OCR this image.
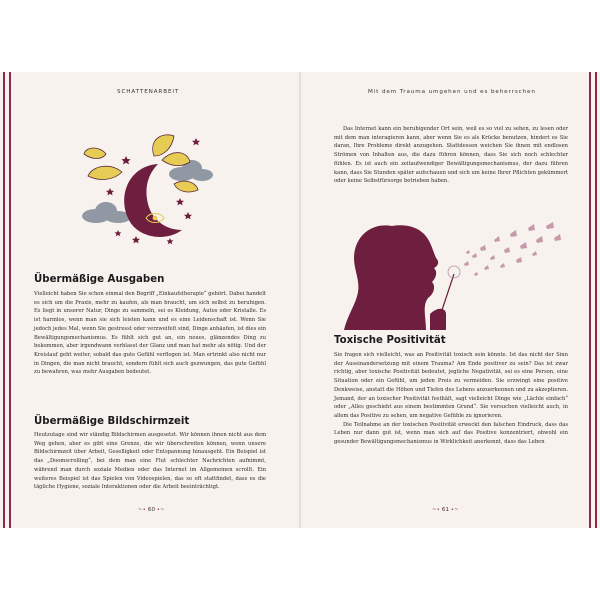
SCHATTENARBEIT
Übermäßige Ausgaben

Vielleicht haben Sie schon einmal den Begriff „Einkaufstherapie“ gehört. Dabei handelt es sich um die Praxis, mehr zu kaufen, als man braucht, um sich selbst zu beruhigen. Es liegt in unserer Natur, Dinge zu sammeln, sei es Kleidung, Autos oder Kristalle. Es ist harmlos, wenn man sie sich leisten kann und es eine Leidenschaft ist. Wenn Sie jedoch jedes Mal, wenn Sie gestresst oder verzweifelt sind, Dinge anhäufen, ist dies ein Bewältigungsmechanismus. Es fühlt sich gut an, ein neues, glänzendes Ding zu bekommen, aber irgendwann verblasst der Glanz und man hat mehr als nötig. Und der Kreislauf geht weiter, sobald das gute Gefühl verflogen ist. Man ertrinkt also nicht nur in Dingen, die man nicht braucht, sondern fühlt sich auch gezwungen, das gute Gefühl zu bewahren, was mehr Ausgaben bedeutet.

Übermäßige Bildschirmzeit

Heutzutage sind wir ständig Bildschirmen ausgesetzt. Wir können ihnen nicht aus dem Weg gehen, aber es gibt eine Grenze, die wir überschreiten können, wenn unsere Bildschirmzeit über Arbeit, Geselligkeit oder Entspannung hinausgeht. Ein Beispiel ist das „Doomscrolling“, bei dem man eine Flut schlechter Nachrichten aufnimmt, während man durch soziale Medien oder das Internet im Allgemeinen scrollt. Ein weiteres Beispiel ist das Spielen von Videospielen, das so oft stattfindet, dass es die tägliche Hygiene, soziale Interaktionen oder die Arbeit beeinträchtigt.

~• 60 •~
Mit dem Trauma umgehen und es beherrschen

Das Internet kann ein beruhigender Ort sein, weil es so viel zu sehen, zu lesen oder mit dem man interagieren kann, aber wenn Sie es als Krücke benutzen, hindert es Sie daran, Ihre Probleme direkt anzugehen. Stattdessen weichen Sie ihnen mit endlosen Strömen von Inhalten aus, die dazu führen können, dass Sie sich noch schlechter fühlen. Es ist auch ein zeitaufwendiger Bewältigungsmechanismus, der dazu führen kann, dass Sie Stunden später aufschauen und sich um keine Ihrer Pflichten gekümmert oder keine Selbstfürsorge betrieben haben.

Toxische Positivität

Sie fragen sich vielleicht, was an Positivität toxisch sein könnte. Ist das nicht der Sinn der Auseinandersetzung mit einem Trauma? Am Ende positiver zu sein? Das ist zwar richtig, aber toxische Positivität bedeutet, jegliche Negativität, sei es eine Person, eine Situation oder ein Gefühl, um jeden Preis zu vermeiden. Sie erzwingt eine positive Denkweise, anstatt die Höhen und Tiefen des Lebens anzuerkennen und zu akzeptieren. Jemand, der an toxischer Positivität festhält, sagt vielleicht Dinge wie „Lächle einfach“ oder „Alles geschieht aus einem bestimmten Grund“. Sie versuchen vielleicht auch, in allem das Positive zu sehen, um negative Gefühle zu ignorieren.

Die Teilnahme an der toxischen Positivität erweckt den falschen Eindruck, dass das Leben nur dann gut ist, wenn man sich auf das Positive konzentriert, obwohl ein gesunder Bewältigungsmechanismus in Wirklichkeit anerkennt, dass das Leben

~• 61 •~
